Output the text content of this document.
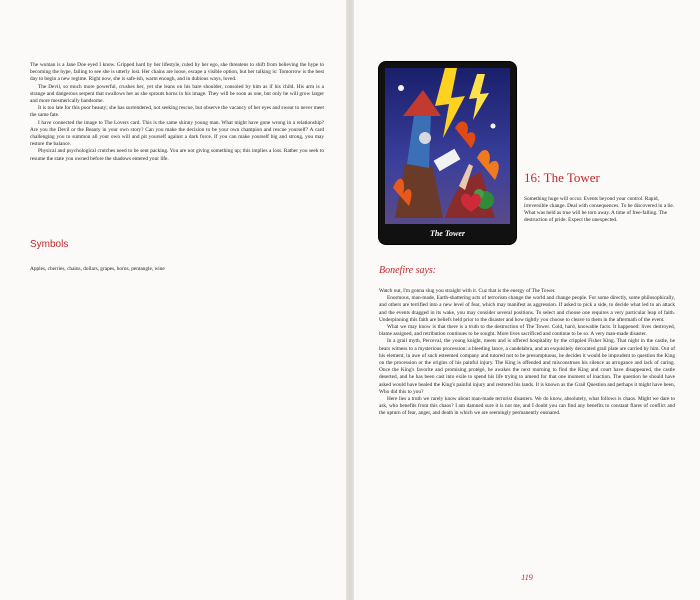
The woman is a Jane Doe eyed I know. Gripped hard by her lifestyle, ruled by her ego, she threatens to shift from believing the hype to becoming the hype, failing to see she is utterly lost. Her chains are loose, escape a visible option, but her talking is: Tomorrow is the best day to begin a new regime. Right now, she is safe-ish, warm enough, and in dubious ways, loved.

The Devil, so much more powerful, crushes her, yet she leans on his bare shoulder, consoled by him as if his child. His arm is a strange and dangerous serpent that swallows her as she sprouts horns in his image. They will be soon as one, but only he will grow larger and more mesmerically handsome.

It is too late for this poor beauty; she has surrendered, not seeking rescue, but observe the vacancy of her eyes and swear to never meet the same fate.

I have connected the image to The Lovers card. This is the same skinny young man. What might have gone wrong in a relationship? Are you the Devil or the Beauty in your own story? Can you make the decision to be your own champion and rescue yourself? A card challenging you to summon all your own will and pit yourself against a dark force. If you can make yourself big and strong, you may restore the balance.

Physical and psychological crutches need to be sent packing. You are not giving something up; this implies a loss. Rather you seek to resume the state you owned before the shadows entered your life.

Symbols

Apples, cherries, chains, dollars, grapes, horns, pentangle, wine

The Tower
16: The Tower

Something huge will occur. Events beyond your control. Rapid, irreversible change. Deal with consequences. To be discovered in a lie. What was held as true will be torn away. A time of free-falling. The destruction of pride. Expect the unexpected.

Bonefire says:

Watch out, I'm gonna slug you straight with it. Cuz that is the energy of The Tower.

Enormous, man-made, Earth-shattering acts of terrorism change the world and change people. For some directly, some philosophically, and others are terrified into a new level of fear, which may manifest as aggression. If asked to pick a side, to decide what led to an attack and the events dragged in its wake, you may consider several positions. To select and choose one requires a very particular leap of faith. Underpinning this faith are beliefs held prior to the disaster and how tightly you choose to cleave to them in the aftermath of the event.

What we may know is that there is a truth to the destruction of The Tower. Cold, hard, knowable facts. It happened: lives destroyed, blame assigned, and retribution continues to be sought. More lives sacrificed and continue to be so. A very man-made disaster.

In a grail myth, Perceval, the young knight, meets and is offered hospitality by the crippled Fisher King. That night in the castle, he bears witness to a mysterious procession: a bleeding lance, a candelabra, and an exquisitely decorated grail plate are carried by him. Out of his element, in awe of such esteemed company and tutored not to be presumptuous, he decides it would be imprudent to question the King on the procession or the origins of his painful injury. The King is offended and misconstrues his silence as arrogance and lack of caring. Once the King's favorite and promising protégé, he awakes the next morning to find the King and court have disappeared, the castle deserted, and he has been cast into exile to spend his life trying to amend for that one moment of inaction. The question he should have asked would have healed the King's painful injury and restored his lands. It is known as the Grail Question and perhaps it might have been, Who did this to you?

Here lies a truth we rarely know about man-made terrorist disasters. We do know, absolutely, what follows is chaos. Might we dare to ask, who benefits from this chaos? I am damned sure it is not me, and I doubt you can find any benefits to constant flares of conflict and the upturn of fear, anger, and death in which we are seemingly permanently ensnared.

119
